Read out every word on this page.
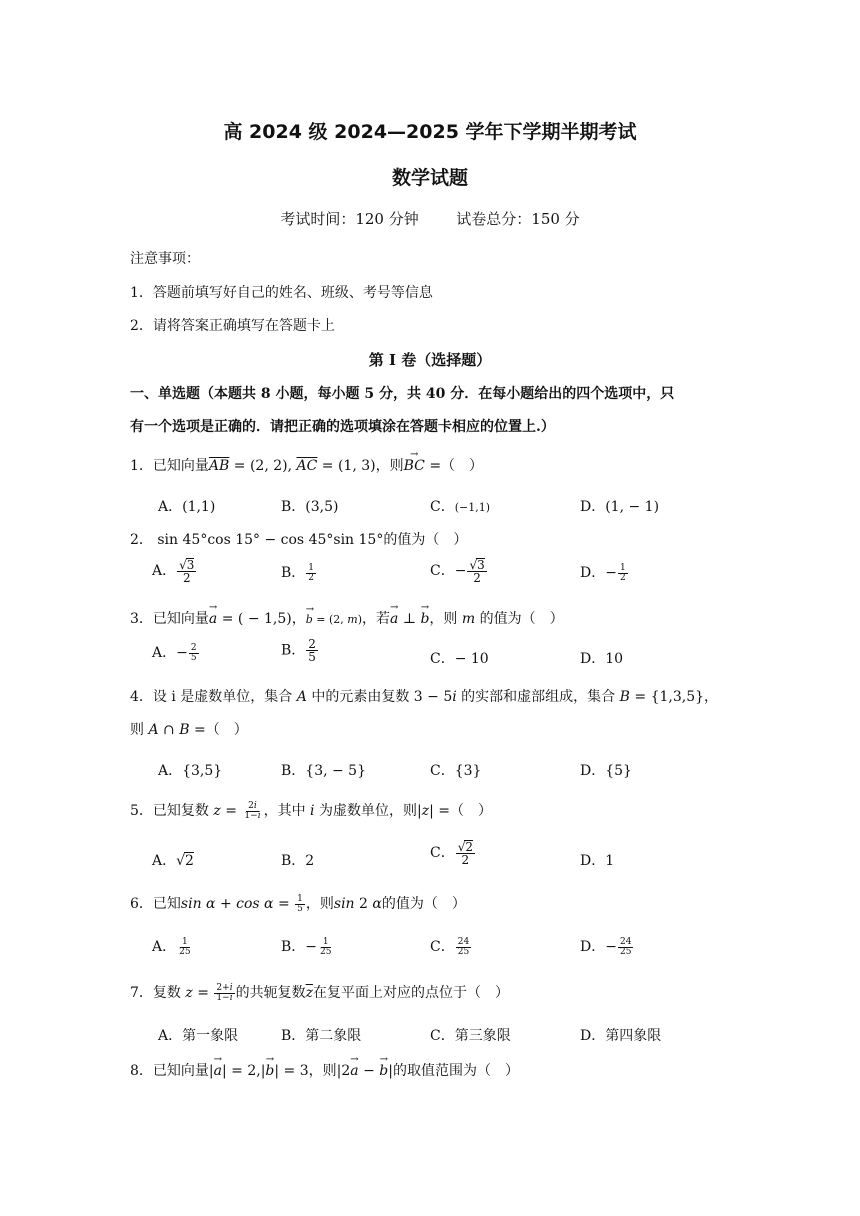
高 2024 级 2024—2025 学年下学期半期考试
数学试题
考试时间：120 分钟	试卷总分：150 分
注意事项：
1．答题前填写好自己的姓名、班级、考号等信息
2．请将答案正确填写在答题卡上
第 I 卷（选择题）
一、单选题（本题共 8 小题，每小题 5 分，共 40 分．在每小题给出的四个选项中，只
有一个选项是正确的．请把正确的选项填涂在答题卡相应的位置上.）
1．已知向量$\overline{AB} = (2$, 2), $\overline{AC} = (1$, 3)，则→ BC =（　）
A．(1,1)	B．(3,5)	C．(−1,1)	D．(1, − 1)
2． sin 45°cos 15° − cos 45°sin 15°的值为（　）
A． $\frac{√3}{2}$	B． $\frac{1}{2}$	C．− $\frac{√3}{2}$	D．− $\frac{1}{2}$
3．已知向量→ a = ( − 1,5)，→ b = (2, m)，若→ a ⊥ → b，则 m 的值为（　）
A．− $\frac{2}{5}$	B． $\frac{2}{5}$	C．− 10	D．10
4．设 i 是虚数单位，集合 A 中的元素由复数 3 − 5i 的实部和虚部组成，集合 B = {1,3,5}，
则 A ∩ B =（　）
A．{3,5}	B．{3, − 5}	C．{3}	D．{5}
5．已知复数 $z = \frac{2i}{1-i}$ ，其中 i 为虚数单位，则|z| =（　）
A．√2	B．2	C． $\frac{√2}{2}$	D．1
6．已知$\sin \alpha + \cos \alpha = \frac{1}{5}$ ，则sin 2 α的值为（　）
A． $\frac{1}{25}$	B．− $\frac{1}{25}$	C． $\frac{24}{25}$	D．− $\frac{24}{25}$
7．复数 $z = \frac{2+i}{1-i}$ 的共轭复数$\overline{z}$在复平面上对应的点位于（　）
A．第一象限	B．第二象限	C．第三象限	D．第四象限
8．已知向量|→ a| = 2,|→ b| = 3，则|2→ a − → b|的取值范围为（　）
